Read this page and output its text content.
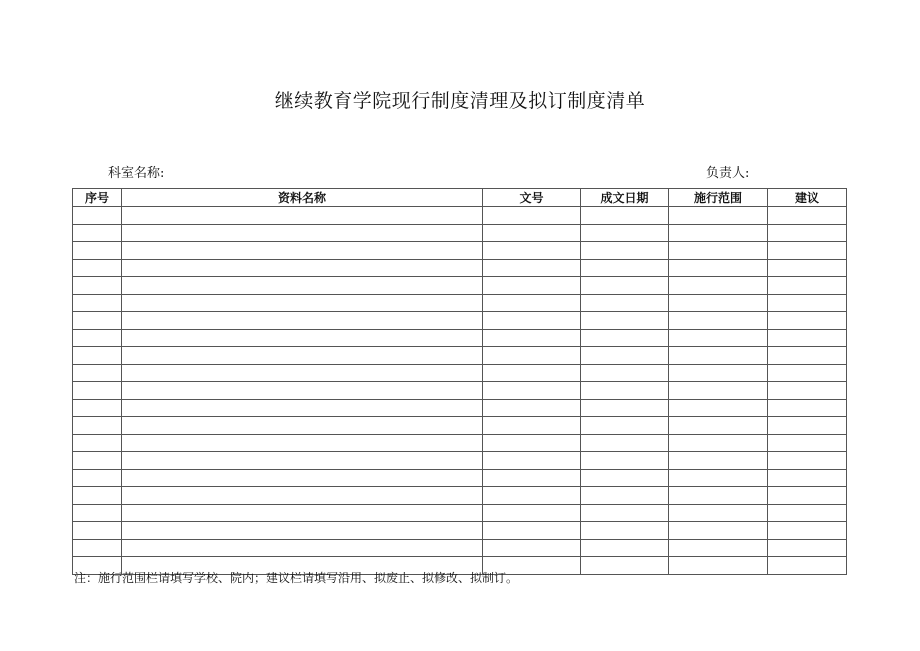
继续教育学院现行制度清理及拟订制度清单
科室名称:	负责人:
序号	资料名称	文号	成文日期	施行范围	建议

注：施行范围栏请填写学校、院内；建议栏请填写沿用、拟废止、拟修改、拟制订。
